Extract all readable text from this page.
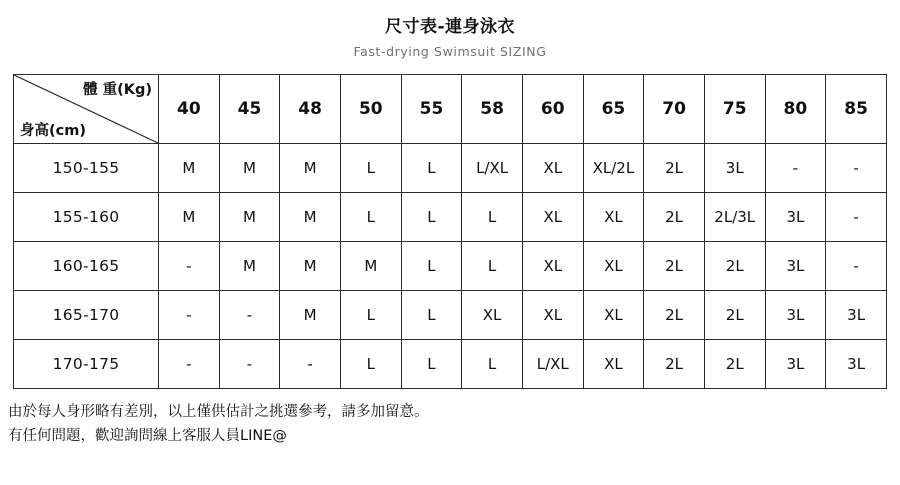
尺寸表-連身泳衣
Fast-drying Swimsuit SIZING
體 重(Kg)
身高(cm)	40	45	48	50	55	58	60	65	70	75	80	85
150-155	M	M	M	L	L	L/XL	XL	XL/2L	2L	3L	-	-
155-160	M	M	M	L	L	L	XL	XL	2L	2L/3L	3L	-
160-165	-	M	M	M	L	L	XL	XL	2L	2L	3L	-
165-170	-	-	M	L	L	XL	XL	XL	2L	2L	3L	3L
170-175	-	-	-	L	L	L	L/XL	XL	2L	2L	3L	3L
由於每人身形略有差別，以上僅供估計之挑選參考，請多加留意。
有任何問題，歡迎詢問線上客服人員LINE@
